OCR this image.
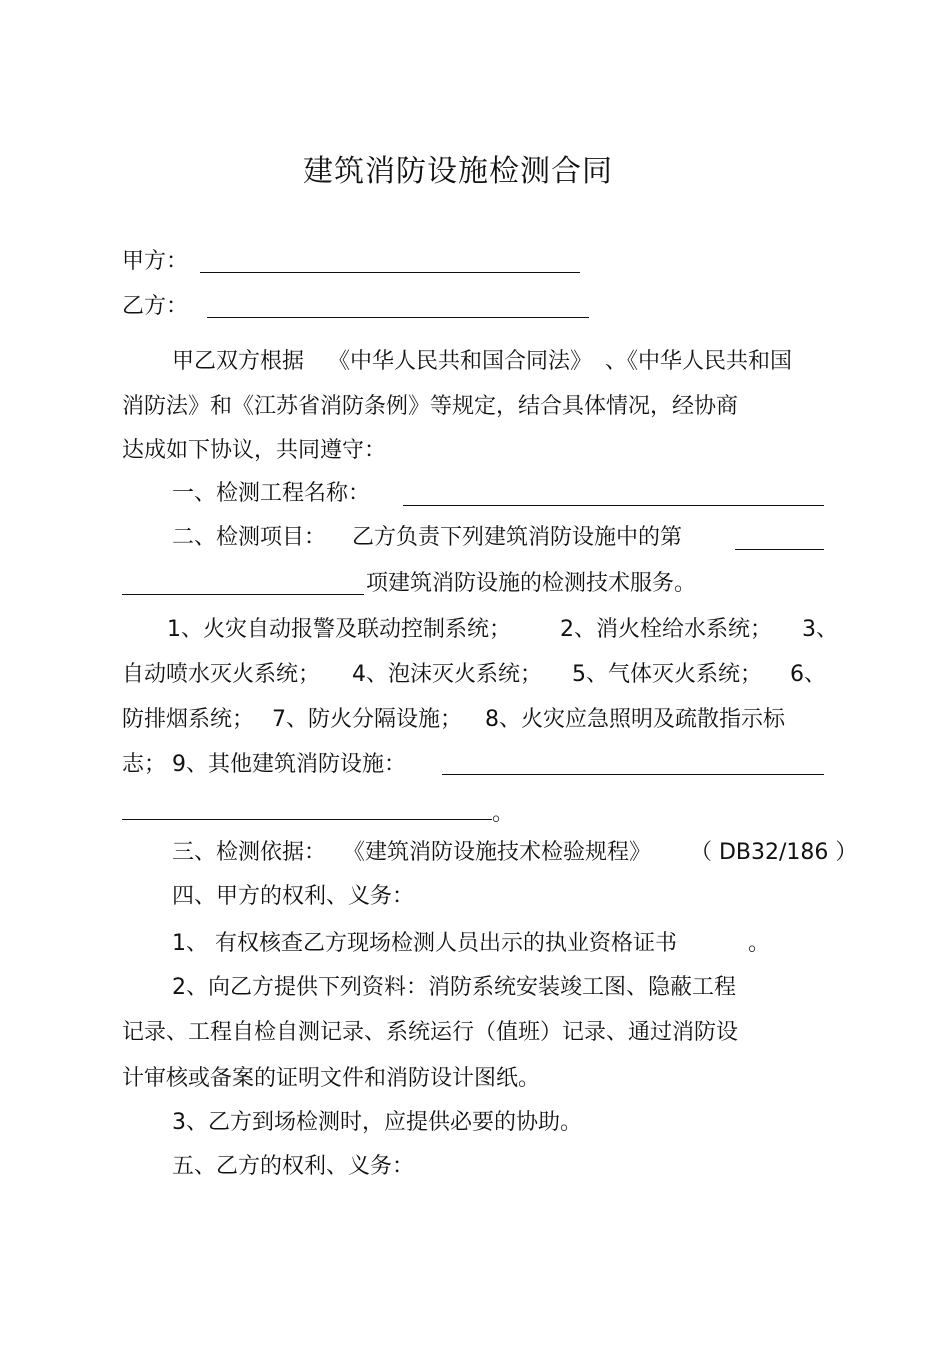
建筑消防设施检测合同
甲方：
乙方：
甲乙双方根据 《中华人民共和国合同法》 、《中华人民共和国
消防法》和《江苏省消防条例》等规定，结合具体情况，经协商
达成如下协议，共同遵守：
一、检测工程名称：
二、检测项目： 乙方负责下列建筑消防设施中的第
项建筑消防设施的检测技术服务。
1、火灾自动报警及联动控制系统； 2、消火栓给水系统； 3、
自动喷水灭火系统； 4、泡沫灭火系统； 5、气体灭火系统； 6、
防排烟系统； 7、防火分隔设施； 8、火灾应急照明及疏散指示标
志； 9、其他建筑消防设施：
。
三、检测依据： 《建筑消防设施技术检验规程》 （ DB32/186 ）
四、甲方的权利、义务：
1、 有权核查乙方现场检测人员出示的执业资格证书	。
2、向乙方提供下列资料：消防系统安装竣工图、隐蔽工程
记录、工程自检自测记录、系统运行（值班）记录、通过消防设
计审核或备案的证明文件和消防设计图纸。
3、乙方到场检测时，应提供必要的协助。
五、乙方的权利、义务：
